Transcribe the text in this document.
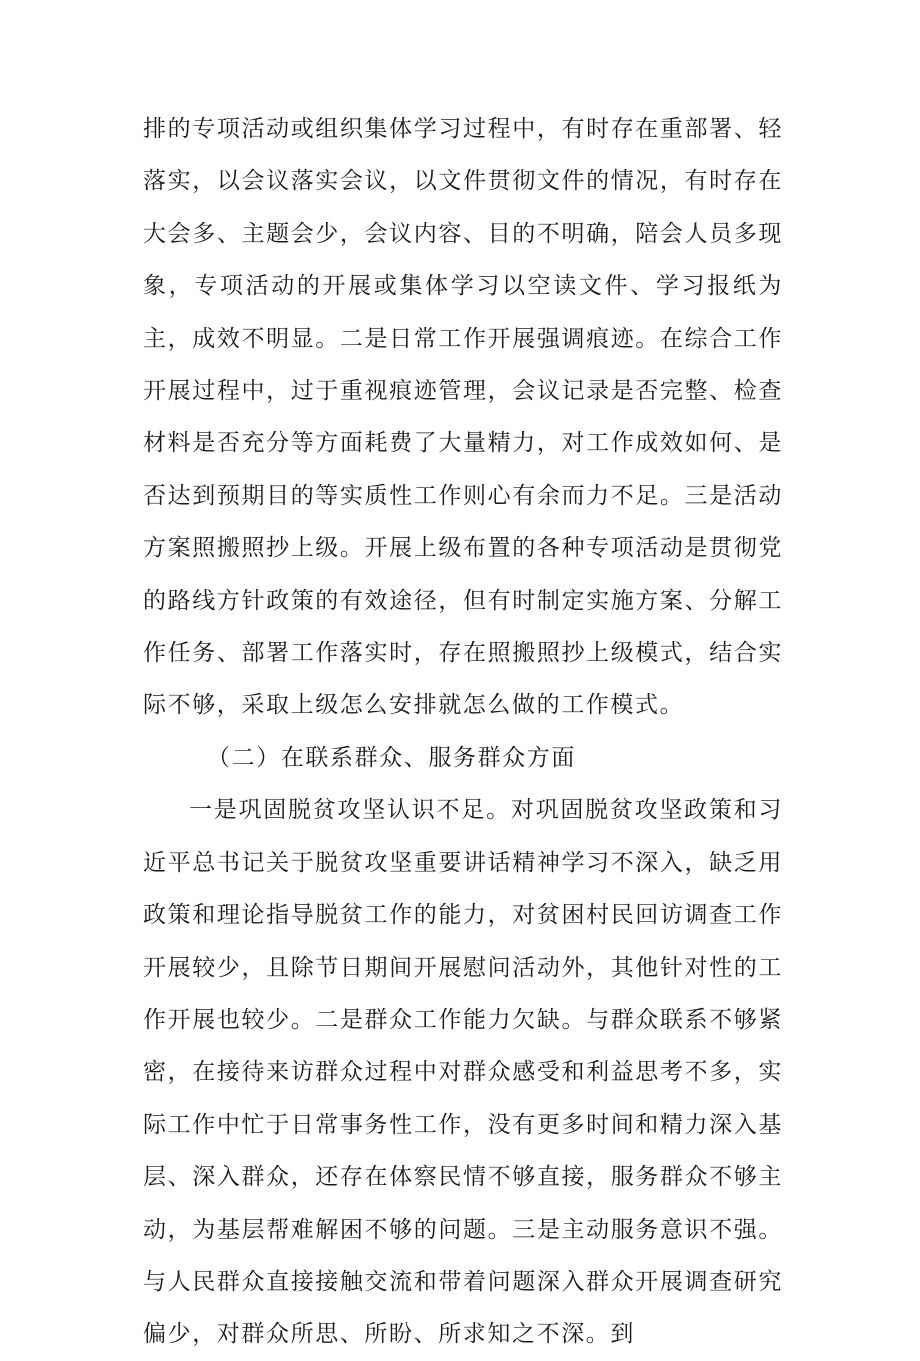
排的专项活动或组织集体学习过程中，有时存在重部署、轻落实，以会议落实会议，以文件贯彻文件的情况，有时存在大会多、主题会少，会议内容、目的不明确，陪会人员多现象，专项活动的开展或集体学习以空读文件、学习报纸为主，成效不明显。二是日常工作开展强调痕迹。在综合工作开展过程中，过于重视痕迹管理，会议记录是否完整、检查材料是否充分等方面耗费了大量精力，对工作成效如何、是否达到预期目的等实质性工作则心有余而力不足。三是活动方案照搬照抄上级。开展上级布置的各种专项活动是贯彻党的路线方针政策的有效途径，但有时制定实施方案、分解工作任务、部署工作落实时，存在照搬照抄上级模式，结合实际不够，采取上级怎么安排就怎么做的工作模式。

（二）在联系群众、服务群众方面

一是巩固脱贫攻坚认识不足。对巩固脱贫攻坚政策和习近平总书记关于脱贫攻坚重要讲话精神学习不深入，缺乏用政策和理论指导脱贫工作的能力，对贫困村民回访调查工作开展较少，且除节日期间开展慰问活动外，其他针对性的工作开展也较少。二是群众工作能力欠缺。与群众联系不够紧密，在接待来访群众过程中对群众感受和利益思考不多，实际工作中忙于日常事务性工作，没有更多时间和精力深入基层、深入群众，还存在体察民情不够直接，服务群众不够主动，为基层帮难解困不够的问题。三是主动服务意识不强。与人民群众直接接触交流和带着问题深入群众开展调查研究偏少，对群众所思、所盼、所求知之不深。到
